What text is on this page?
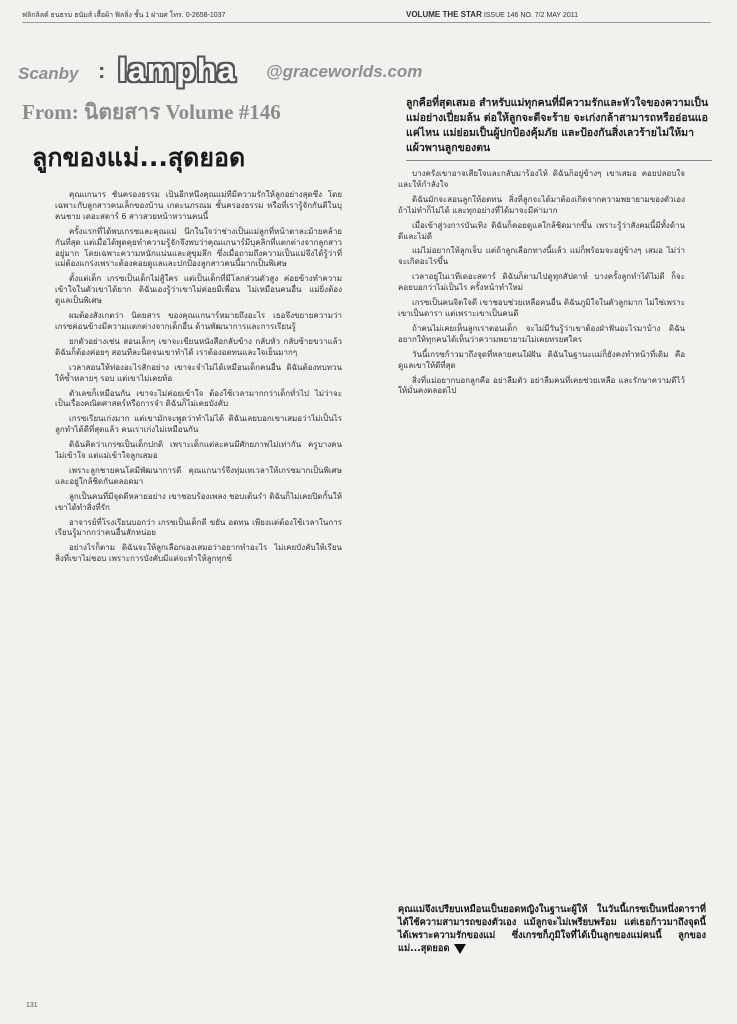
ฟลิกลิลด์ ธนธรม ธนัมส์ เสื้อผ้า ฟิลลิ่ง ชั้น 1 ผ่ายศ โทร. 0-2658-1037	VOLUME THE STAR ISSUE 146 NO. 7/2 MAY 2011
Scanby : lampha @graceworlds.com
From: นิตยสาร Volume #146
ลูกของแม่...สุดยอด
ลูกคือที่สุดเสมอ สำหรับแม่ทุกคนที่มีความรักและหัวใจของความเป็นแม่อย่างเปี่ยมล้น ต่อให้ลูกจะดีจะร้าย จะเก่งกล้าสามารถหรืออ่อนแอแค่ไหน แม่ย่อมเป็นผู้ปกป้องคุ้มภัย และป้องกันสิ่งเลวร้ายไม่ให้มาแผ้วพานลูกของตน

คุณแกนาร ชั้นครองธรรม เป็นอีกหนึ่งคุณแม่ที่มีความรักให้ลูกอย่างสุดซึ้ง โดยเฉพาะกับลูกสาวคนเล็กของบ้าน เกดะนภรณม ชั้นครองธรรม หรือที่เรารู้จักกันดีในบุคนชาย เดอะสตาร์ 6 สาวสวยหน้าหวานคนนี้

ครั้งแรกที่ได้พบเกรซและคุณแม่ นึกในใจว่าช่างเป็นแม่ลูกที่หน้าตาละม้ายคล้ายกันที่สุด แต่เมื่อได้พูดคุยทำความรู้จักจึงพบว่าคุณแกนาร์มีบุคลิกที่แตกต่างจากลูกสาวอยู่มาก โดยเฉพาะความหนักแน่นและสุขุมลึก ซึ่งเมื่อถามถึงความเป็นแม่จึงได้รู้ว่าที่แม่ต้องแกร่งเพราะต้องคอยดูแลและปกป้องลูกสาวคนนี้มากเป็นพิเศษ

ตั้งแต่เด็ก เกรซเป็นเด็กไม่สู้ใคร แต่เป็นเด็กที่มีโลกส่วนตัวสูง ค่อยข้างทำความเข้าใจในตัวเขาได้ยาก ดิฉันเองรู้ว่าเขาไม่ค่อยมีเพื่อน ไม่เหมือนคนอื่น แม่ยิ่งต้องดูแลเป็นพิเศษ

ผมต้องสังเกตว่า นิตยสาร ของคุณแกนาร์หมายถึงอะไร เธอจึงขยายความว่าเกรซค่อนข้างมีความแตกต่างจากเด็กอื่น ด้านพัฒนาการและการเรียนรู้

ยกตัวอย่างเช่น สอนเล็กๆ เขาจะเขียนหนังสือกลับข้าง กลับหัว กลับซ้ายขวาแล้วดิฉันก็ต้องค่อยๆ สอนทีละนิดจนเขาทำได้ เราต้องอดทนและใจเย็นมากๆ

เวลาสอนให้ท่องอะไรสักอย่าง เขาจะจำไม่ได้เหมือนเด็กคนอื่น ดิฉันต้องทบทวนให้ซ้ำหลายๆ รอบ แต่เขาไม่เคยท้อ

ตัวเลขก็เหมือนกัน เขาจะไม่ค่อยเข้าใจ ต้องใช้เวลามากกว่าเด็กทั่วไป ไม่ว่าจะเป็นเรื่องคณิตศาสตร์หรือการจำ ดิฉันก็ไม่เคยบังคับ

เกรซเรียนเก่งมาก แต่เขามักจะพูดว่าทำไม่ได้ ดิฉันเลยบอกเขาเสมอว่าไม่เป็นไร ลูกทำได้ดีที่สุดแล้ว คนเราเก่งไม่เหมือนกัน

ดิฉันคิดว่าเกรซเป็นเด็กปกติ เพราะเด็กแต่ละคนมีศักยภาพไม่เท่ากัน ครูบางคนไม่เข้าใจ แต่แม่เข้าใจลูกเสมอ

เพราะลูกชายคนโตมีพัฒนาการดี คุณแกนาร์จึงทุ่มเทเวลาให้เกรซมากเป็นพิเศษ และอยู่ใกล้ชิดกันตลอดมา

ลูกเป็นคนที่มีจุดดีหลายอย่าง เขาชอบร้องเพลง ชอบเต้นรำ ดิฉันก็ไม่เคยปิดกั้นให้เขาได้ทำสิ่งที่รัก

อาจารย์ที่โรงเรียนบอกว่า เกรซเป็นเด็กดี ขยัน อดทน เพียงแต่ต้องใช้เวลาในการเรียนรู้มากกว่าคนอื่นสักหน่อย

อย่างไรก็ตาม ดิฉันจะให้ลูกเลือกเองเสมอว่าอยากทำอะไร ไม่เคยบังคับให้เรียนสิ่งที่เขาไม่ชอบ เพราะการบังคับมีแต่จะทำให้ลูกทุกข์

บางครั้งเขาอาจเสียใจและกลับมาร้องไห้ ดิฉันก็อยู่ข้างๆ เขาเสมอ คอยปลอบใจและให้กำลังใจ

ดิฉันมักจะสอนลูกให้อดทน สิ่งที่ลูกจะได้มาต้องเกิดจากความพยายามของตัวเอง ถ้าไม่ทำก็ไม่ได้ และทุกอย่างที่ได้มาจะมีค่ามาก

เมื่อเข้าสู่วงการบันเทิง ดิฉันก็คอยดูแลใกล้ชิดมากขึ้น เพราะรู้ว่าสังคมนี้มีทั้งด้านดีและไม่ดี

แม่ไม่อยากให้ลูกเจ็บ แต่ถ้าลูกเลือกทางนี้แล้ว แม่ก็พร้อมจะอยู่ข้างๆ เสมอ ไม่ว่าจะเกิดอะไรขึ้น

เวลาอยู่ในเวทีเดอะสตาร์ ดิฉันก็ตามไปดูทุกสัปดาห์ บางครั้งลูกทำได้ไม่ดี ก็จะคอยบอกว่าไม่เป็นไร ครั้งหน้าทำใหม่

เกรซเป็นคนจิตใจดี เขาชอบช่วยเหลือคนอื่น ดิฉันภูมิใจในตัวลูกมาก ไม่ใช่เพราะเขาเป็นดารา แต่เพราะเขาเป็นคนดี

ถ้าคนไม่เคยเห็นลูกเราตอนเด็ก จะไม่มีวันรู้ว่าเขาต้องฝ่าฟันอะไรมาบ้าง ดิฉันอยากให้ทุกคนได้เห็นว่าความพยายามไม่เคยทรยศใคร

วันนี้เกรซก้าวมาถึงจุดที่หลายคนใฝ่ฝัน ดิฉันในฐานะแม่ก็ยังคงทำหน้าที่เดิม คือดูแลเขาให้ดีที่สุด

สิ่งที่แม่อยากบอกลูกคือ อย่าลืมตัว อย่าลืมคนที่เคยช่วยเหลือ และรักษาความดีไว้ให้มั่นคงตลอดไป

คุณแม่จึงเปรียบเหมือนเป็นยอดหญิงในฐานะผู้ให้ ในวันนี้เกรซเป็นหนึ่งดาราที่ได้ใช้ความสามารถของตัวเอง แม้ลูกจะไม่เพรียบพร้อม แต่เธอก้าวมาถึงจุดนี้ได้เพราะความรักของแม่ ซึ่งเกรซก็ภูมิใจที่ได้เป็นลูกของแม่คนนี้ ลูกของแม่...สุดยอด
131
